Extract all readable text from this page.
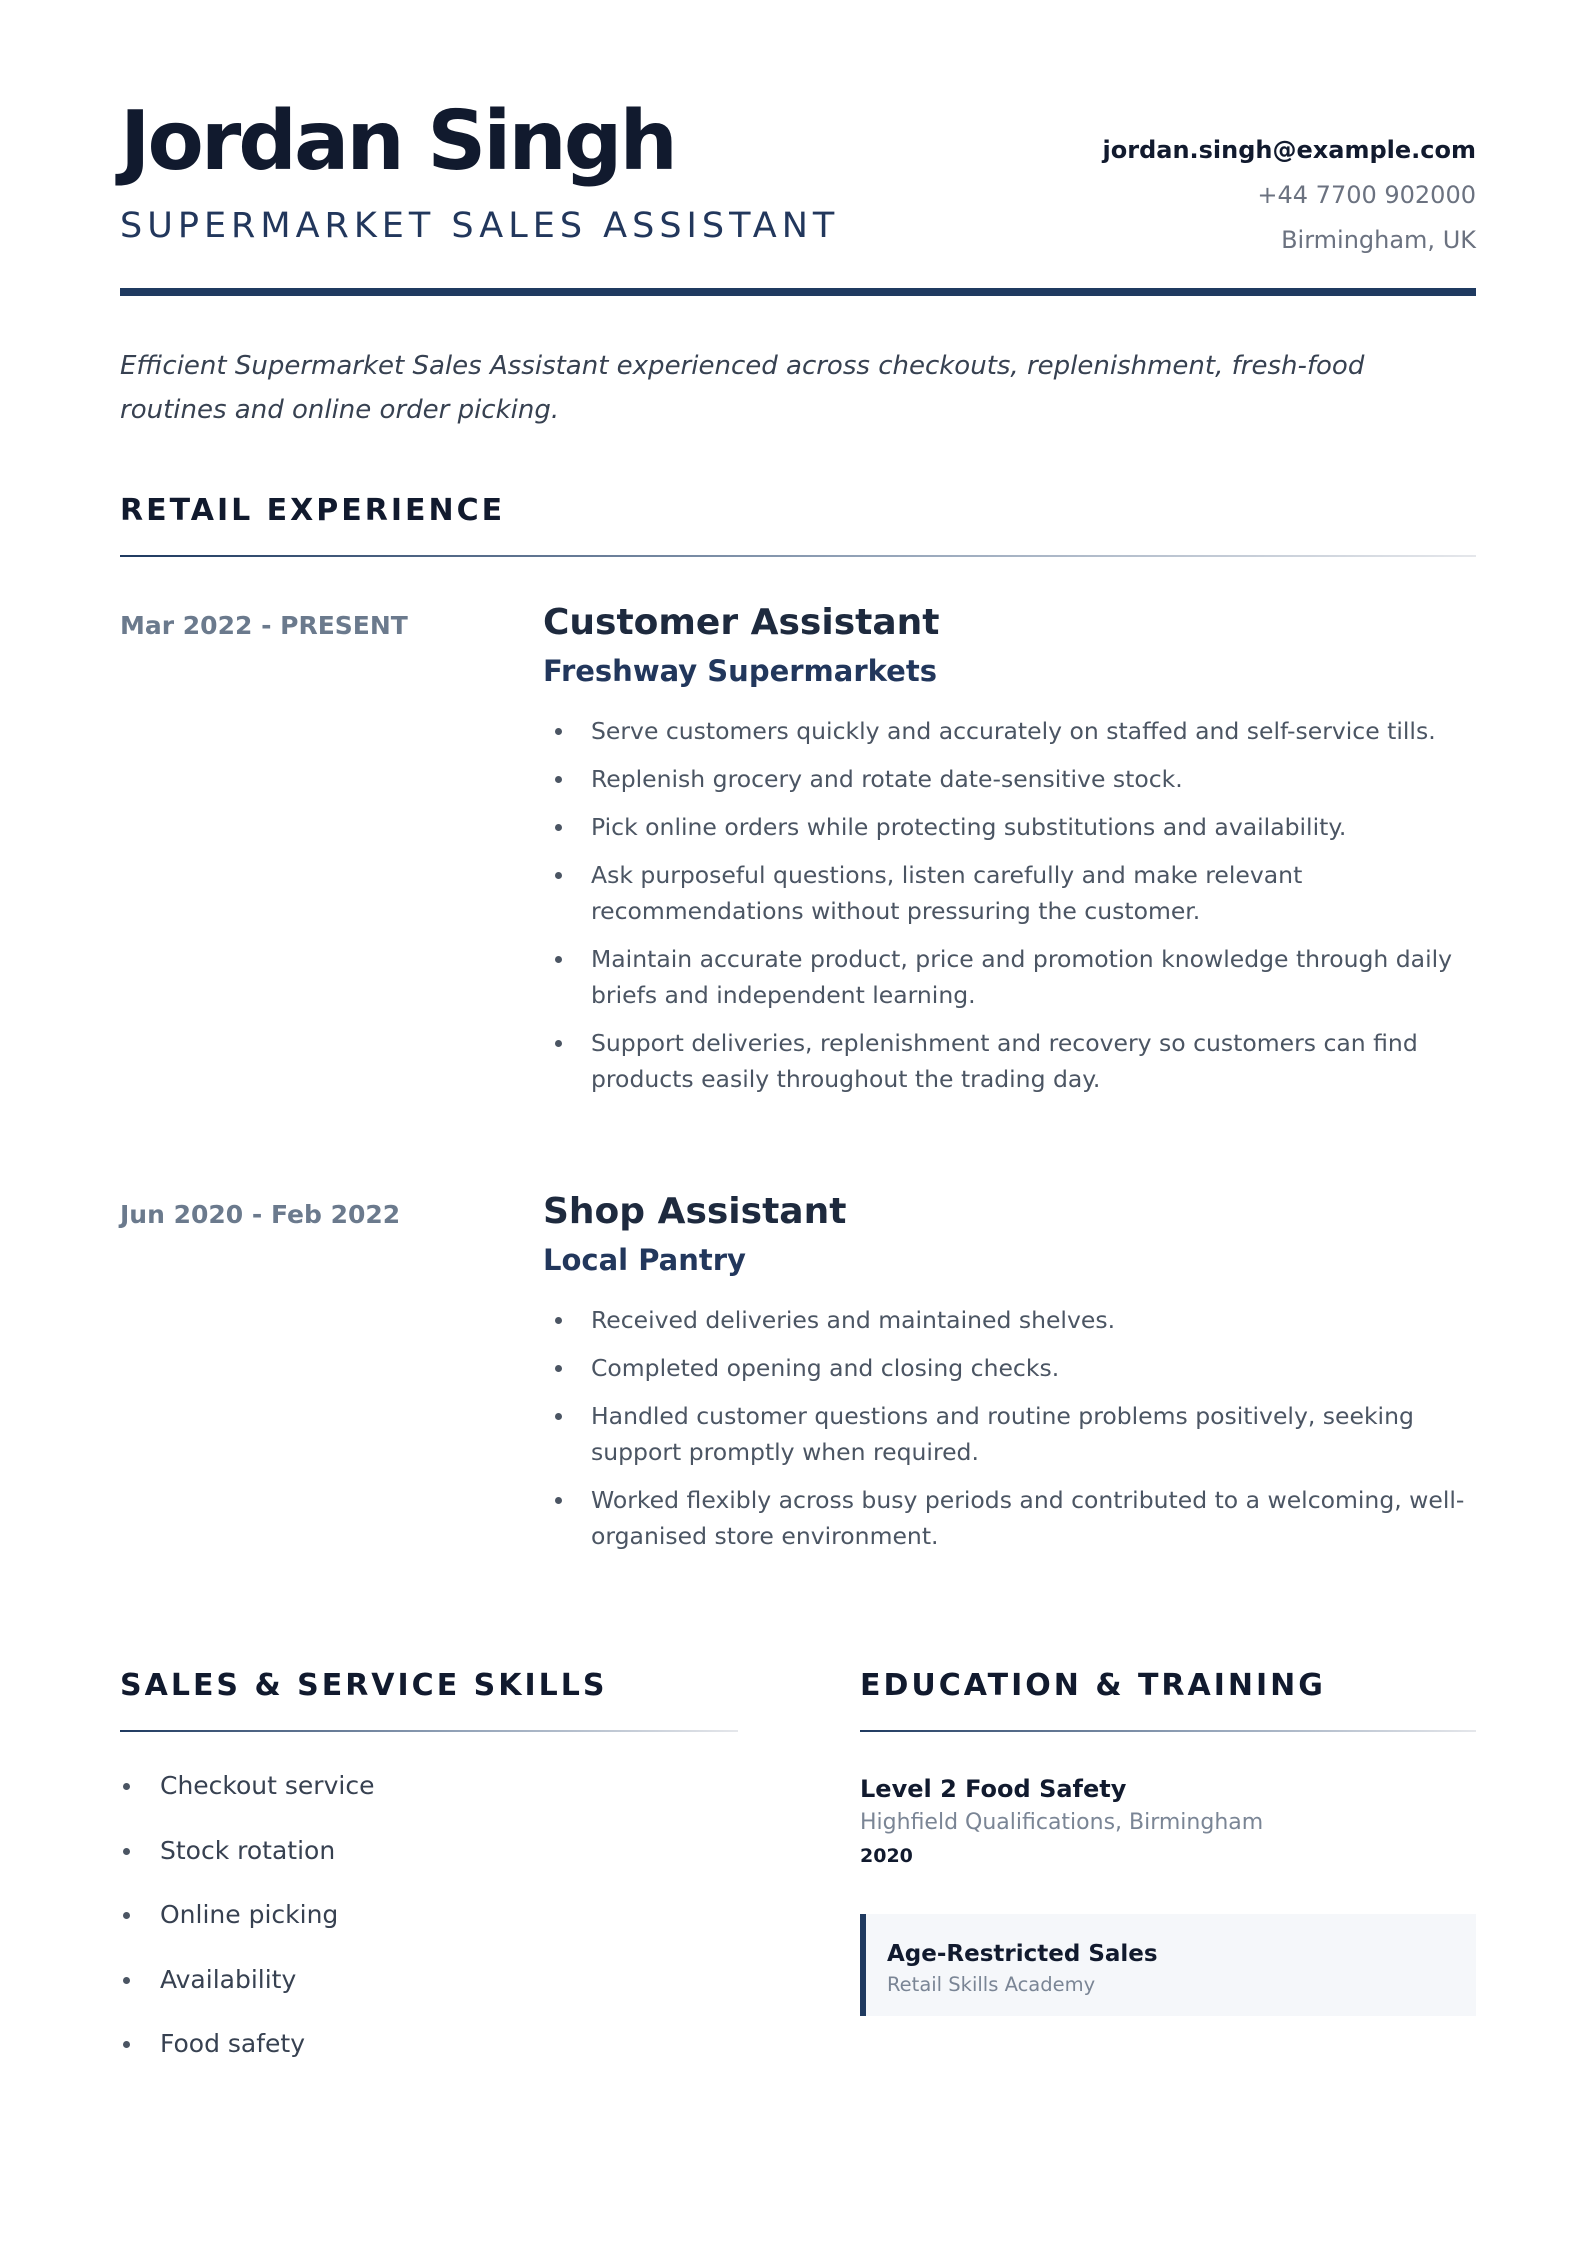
Jordan Singh
SUPERMARKET SALES ASSISTANT
jordan.singh@example.com
+44 7700 902000
Birmingham, UK

Efficient Supermarket Sales Assistant experienced across checkouts, replenishment, fresh-food routines and online order picking.

RETAIL EXPERIENCE
Mar 2022 - PRESENT	Customer Assistant
Freshway Supermarkets
Serve customers quickly and accurately on staffed and self-service tills.
Replenish grocery and rotate date-sensitive stock.
Pick online orders while protecting substitutions and availability.
Ask purposeful questions, listen carefully and make relevant recommendations without pressuring the customer.
Maintain accurate product, price and promotion knowledge through daily briefs and independent learning.
Support deliveries, replenishment and recovery so customers can find products easily throughout the trading day.
Jun 2020 - Feb 2022	Shop Assistant
Local Pantry
Received deliveries and maintained shelves.
Completed opening and closing checks.
Handled customer questions and routine problems positively, seeking support promptly when required.
Worked flexibly across busy periods and contributed to a welcoming, well-organised store environment.
SALES & SERVICE SKILLS
Checkout service
Stock rotation
Online picking
Availability
Food safety
EDUCATION & TRAINING
Level 2 Food Safety
Highfield Qualifications, Birmingham
2020
Age-Restricted Sales
Retail Skills Academy
